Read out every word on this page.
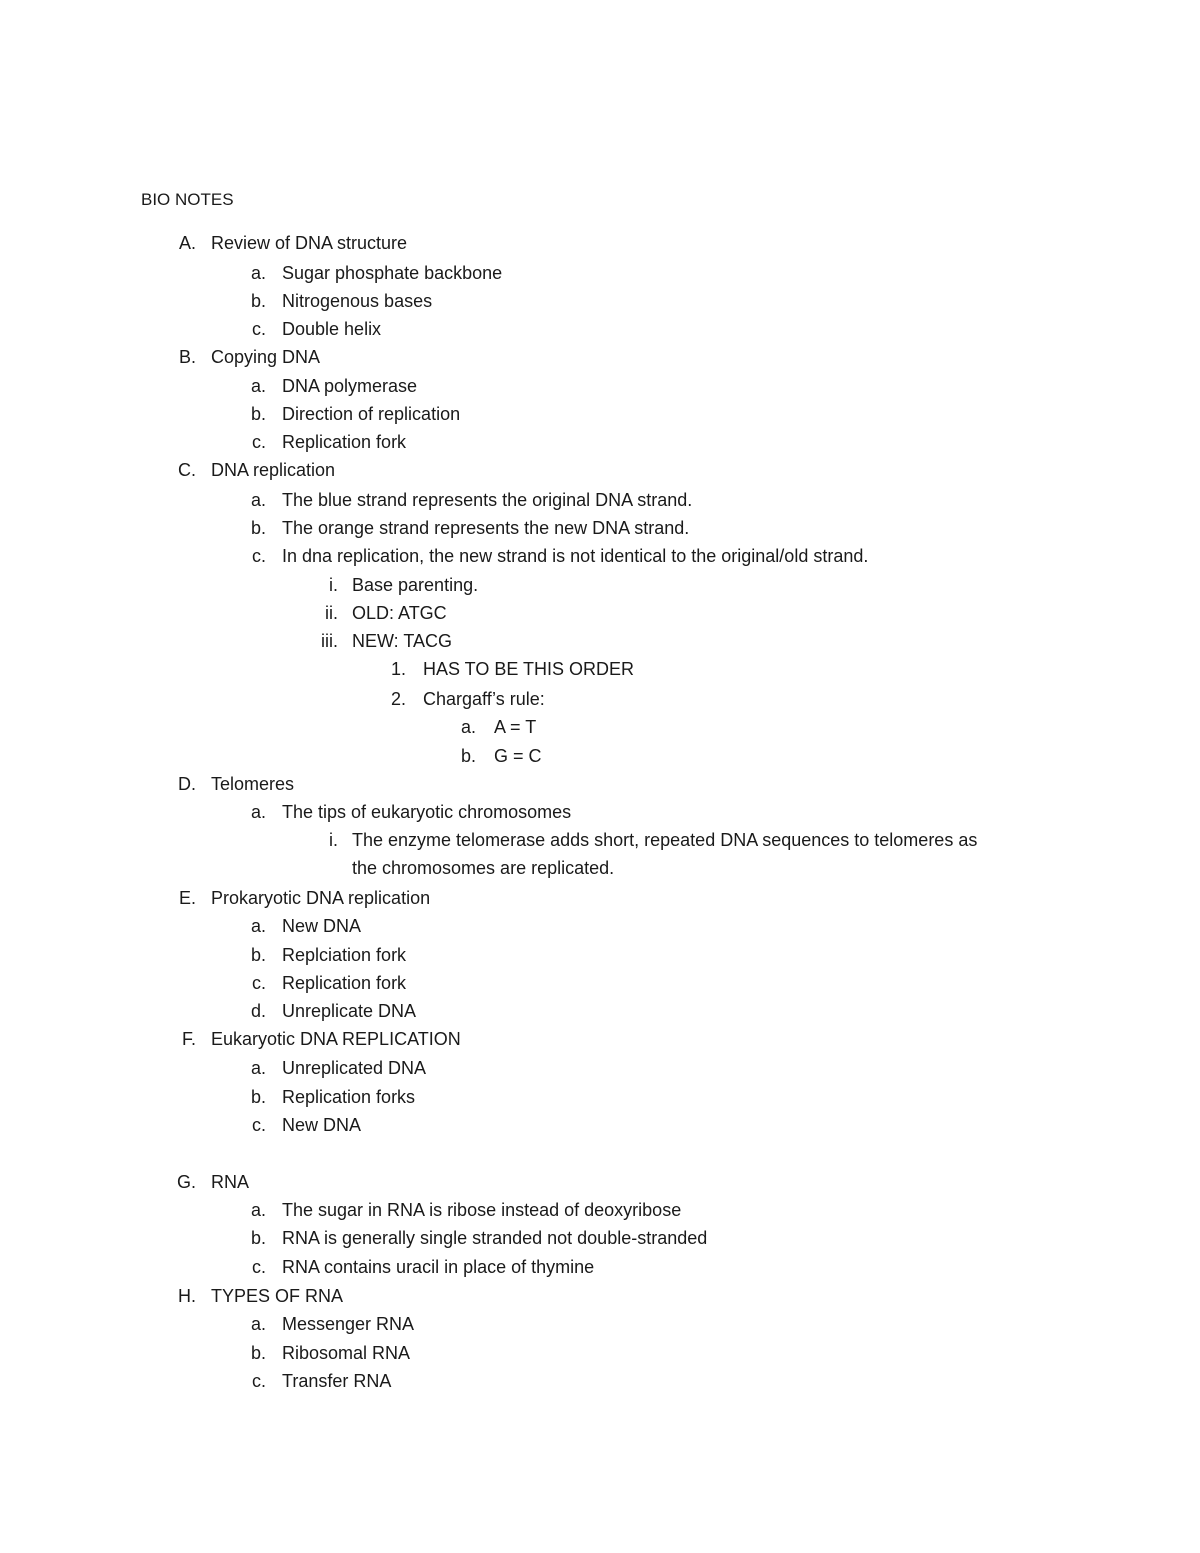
BIO NOTES
A. Review of DNA structure
a. Sugar phosphate backbone
b. Nitrogenous bases
c. Double helix
B. Copying DNA
a. DNA polymerase
b. Direction of replication
c. Replication fork
C. DNA replication
a. The blue strand represents the original DNA strand.
b. The orange strand represents the new DNA strand.
c. In dna replication, the new strand is not identical to the original/old strand.
i. Base parenting.
ii. OLD: ATGC
iii. NEW: TACG
1. HAS TO BE THIS ORDER
2. Chargaff’s rule:
a. A = T
b. G = C
D. Telomeres
a. The tips of eukaryotic chromosomes
i. The enzyme telomerase adds short, repeated DNA sequences to telomeres as
the chromosomes are replicated.
E. Prokaryotic DNA replication
a. New DNA
b. Replciation fork
c. Replication fork
d. Unreplicate DNA
F. Eukaryotic DNA REPLICATION
a. Unreplicated DNA
b. Replication forks
c. New DNA
G. RNA
a. The sugar in RNA is ribose instead of deoxyribose
b. RNA is generally single stranded not double-stranded
c. RNA contains uracil in place of thymine
H. TYPES OF RNA
a. Messenger RNA
b. Ribosomal RNA
c. Transfer RNA
